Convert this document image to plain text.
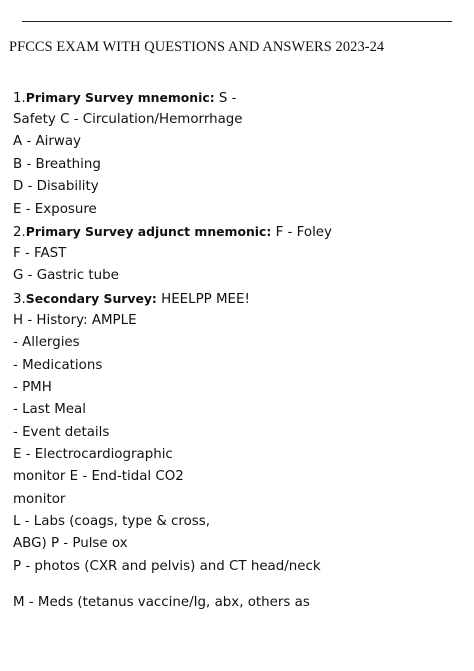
PFCCS EXAM WITH QUESTIONS AND ANSWERS 2023-24
1.Primary Survey mnemonic: S -
Safety C - Circulation/Hemorrhage
A - Airway
B - Breathing
D - Disability
E - Exposure
2.Primary Survey adjunct mnemonic: F - Foley
F - FAST
G - Gastric tube
3.Secondary Survey: HEELPP MEE!
H - History: AMPLE
- Allergies
- Medications
- PMH
- Last Meal
- Event details
E - Electrocardiographic
monitor E - End-tidal CO2
monitor
L - Labs (coags, type & cross,
ABG) P - Pulse ox
P - photos (CXR and pelvis) and CT head/neck
M - Meds (tetanus vaccine/Ig, abx, others as
